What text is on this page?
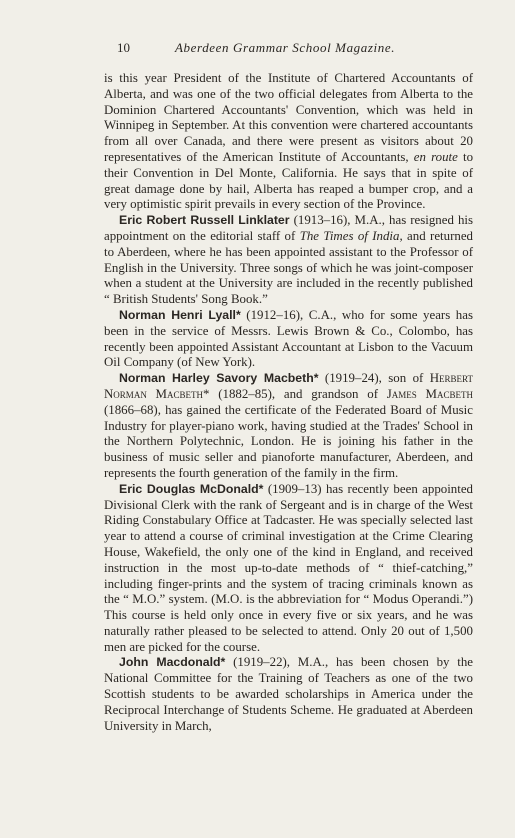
10	Aberdeen Grammar School Magazine.

is this year President of the Institute of Chartered Accountants of Alberta, and was one of the two official delegates from Alberta to the Dominion Chartered Accountants' Convention, which was held in Winnipeg in September. At this convention were chartered accountants from all over Canada, and there were present as visitors about 20 representatives of the American Institute of Accountants, en route to their Convention in Del Monte, California. He says that in spite of great damage done by hail, Alberta has reaped a bumper crop, and a very optimistic spirit prevails in every section of the Province.

Eric Robert Russell Linklater (1913–16), M.A., has resigned his appointment on the editorial staff of The Times of India, and returned to Aberdeen, where he has been appointed assistant to the Professor of English in the University. Three songs of which he was joint-composer when a student at the University are included in the recently published “ British Students' Song Book.”

Norman Henri Lyall* (1912–16), C.A., who for some years has been in the service of Messrs. Lewis Brown & Co., Colombo, has recently been appointed Assistant Accountant at Lisbon to the Vacuum Oil Company (of New York).

Norman Harley Savory Macbeth* (1919–24), son of Herbert Norman Macbeth* (1882–85), and grandson of James Macbeth (1866–68), has gained the certificate of the Federated Board of Music Industry for player-piano work, having studied at the Trades' School in the Northern Polytechnic, London. He is joining his father in the business of music seller and pianoforte manufacturer, Aberdeen, and represents the fourth generation of the family in the firm.

Eric Douglas McDonald* (1909–13) has recently been appointed Divisional Clerk with the rank of Sergeant and is in charge of the West Riding Constabulary Office at Tadcaster. He was specially selected last year to attend a course of criminal investigation at the Crime Clearing House, Wakefield, the only one of the kind in England, and received instruction in the most up-to-date methods of “ thief-catching,” including finger-prints and the system of tracing criminals known as the “ M.O.” system. (M.O. is the abbreviation for “ Modus Operandi.”) This course is held only once in every five or six years, and he was naturally rather pleased to be selected to attend. Only 20 out of 1,500 men are picked for the course.

John Macdonald* (1919–22), M.A., has been chosen by the National Committee for the Training of Teachers as one of the two Scottish students to be awarded scholarships in America under the Reciprocal Interchange of Students Scheme. He graduated at Aberdeen University in March,
